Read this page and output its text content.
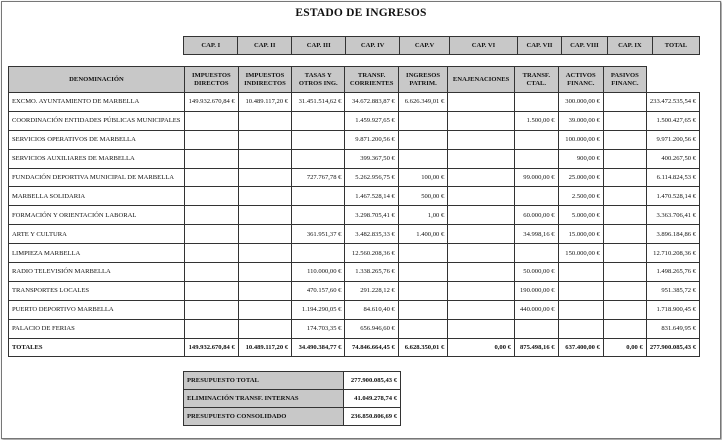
ESTADO DE INGRESOS
	CAP. I	CAP. II	CAP. III	CAP. IV	CAP.V	CAP. VI	CAP. VII	CAP. VIII	CAP. IX	TOTAL
DENOMINACIÓN	IMPUESTOS DIRECTOS	IMPUESTOS INDIRECTOS	TASAS Y OTROS ING.	TRANSF. CORRIENTES	INGRESOS PATRIM.	ENAJENACIONES	TRANSF. CTAL.	ACTIVOS FINANC.	PASIVOS FINANC.	
EXCMO. AYUNTAMIENTO DE MARBELLA	149.932.670,84 €	10.489.117,20 €	31.451.514,62 €	34.672.883,87 €	6.626.349,01 €			300.000,00 €		233.472.535,54 €
COORDINACIÓN ENTIDADES PÚBLICAS MUNICIPALES				1.459.927,65 €			1.500,00 €	39.000,00 €		1.500.427,65 €
SERVICIOS OPERATIVOS DE MARBELLA				9.871.200,56 €				100.000,00 €		9.971.200,56 €
SERVICIOS AUXILIARES DE MARBELLA				399.367,50 €				900,00 €		400.267,50 €
FUNDACIÓN DEPORTIVA MUNICIPAL DE MARBELLA			727.767,78 €	5.262.956,75 €	100,00 €		99.000,00 €	25.000,00 €		6.114.824,53 €
MARBELLA SOLIDARIA				1.467.528,14 €	500,00 €			2.500,00 €		1.470.528,14 €
FORMACIÓN Y ORIENTACIÓN LABORAL				3.298.705,41 €	1,00 €		60.000,00 €	5.000,00 €		3.363.706,41 €
ARTE Y CULTURA			361.951,37 €	3.482.835,33 €	1.400,00 €		34.998,16 €	15.000,00 €		3.896.184,86 €
LIMPIEZA MARBELLA				12.560.208,36 €				150.000,00 €		12.710.208,36 €
RADIO TELEVISIÓN MARBELLA			110.000,00 €	1.338.265,76 €			50.000,00 €			1.498.265,76 €
TRANSPORTES LOCALES			470.157,60 €	291.228,12 €			190.000,00 €			951.385,72 €
PUERTO DEPORTIVO MARBELLA			1.194.290,05 €	84.610,40 €			440.000,00 €			1.718.900,45 €
PALACIO DE FERIAS			174.703,35 €	656.946,60 €						831.649,95 €
TOTALES	149.932.670,84 €	10.489.117,20 €	34.490.384,77 €	74.846.664,45 €	6.628.350,01 €	0,00 €	875.498,16 €	637.400,00 €	0,00 €	277.900.085,43 €
PRESUPUESTO TOTAL	277.900.085,43 €
ELIMINACIÓN TRANSF. INTERNAS	41.049.278,74 €
PRESUPUESTO CONSOLIDADO	236.850.806,69 €
